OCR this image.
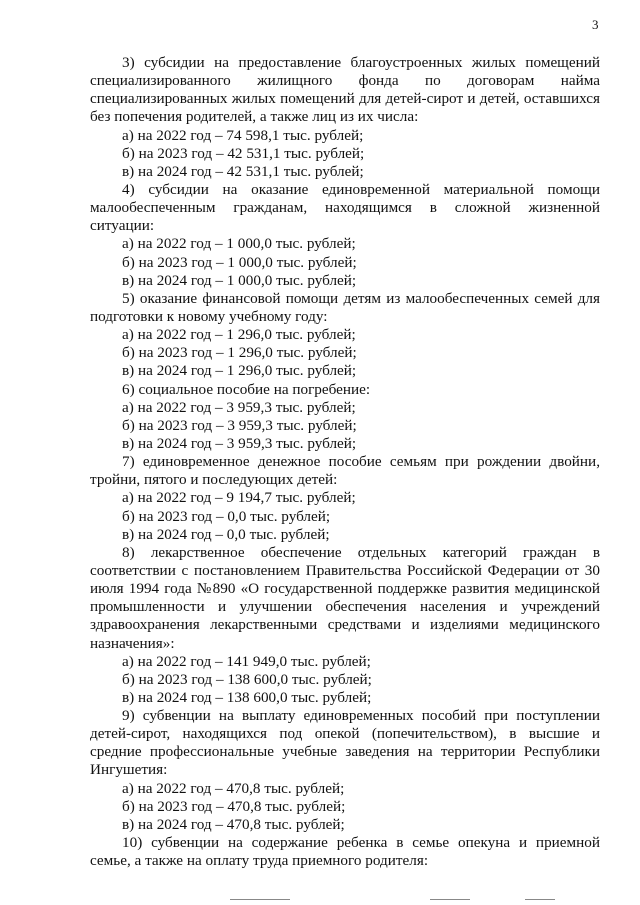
3
3) субсидии на предоставление благоустроенных жилых помещений
специализированного жилищного фонда по договорам найма
специализированных жилых помещений для детей-сирот и детей, оставшихся
без попечения родителей, а также лиц из их числа:
а) на 2022 год – 74 598,1 тыс. рублей;
б) на 2023 год – 42 531,1 тыс. рублей;
в) на 2024 год – 42 531,1 тыс. рублей;
4) субсидии на оказание единовременной материальной помощи
малообеспеченным гражданам, находящимся в сложной жизненной
ситуации:
а) на 2022 год – 1 000,0 тыс. рублей;
б) на 2023 год – 1 000,0 тыс. рублей;
в) на 2024 год – 1 000,0 тыс. рублей;
5) оказание финансовой помощи детям из малообеспеченных семей для
подготовки к новому учебному году:
а) на 2022 год – 1 296,0 тыс. рублей;
б) на 2023 год – 1 296,0 тыс. рублей;
в) на 2024 год – 1 296,0 тыс. рублей;
6) социальное пособие на погребение:
а) на 2022 год – 3 959,3 тыс. рублей;
б) на 2023 год – 3 959,3 тыс. рублей;
в) на 2024 год – 3 959,3 тыс. рублей;
7) единовременное денежное пособие семьям при рождении двойни,
тройни, пятого и последующих детей:
а) на 2022 год – 9 194,7 тыс. рублей;
б) на 2023 год – 0,0 тыс. рублей;
в) на 2024 год – 0,0 тыс. рублей;
8) лекарственное обеспечение отдельных категорий граждан в
соответствии с постановлением Правительства Российской Федерации от 30
июля 1994 года №890 «О государственной поддержке развития медицинской
промышленности и улучшении обеспечения населения и учреждений
здравоохранения лекарственными средствами и изделиями медицинского
назначения»:
а) на 2022 год – 141 949,0 тыс. рублей;
б) на 2023 год – 138 600,0 тыс. рублей;
в) на 2024 год – 138 600,0 тыс. рублей;
9) субвенции на выплату единовременных пособий при поступлении
детей-сирот, находящихся под опекой (попечительством), в высшие и
средние профессиональные учебные заведения на территории Республики
Ингушетия:
а) на 2022 год – 470,8 тыс. рублей;
б) на 2023 год – 470,8 тыс. рублей;
в) на 2024 год – 470,8 тыс. рублей;
10) субвенции на содержание ребенка в семье опекуна и приемной
семье, а также на оплату труда приемного родителя:
